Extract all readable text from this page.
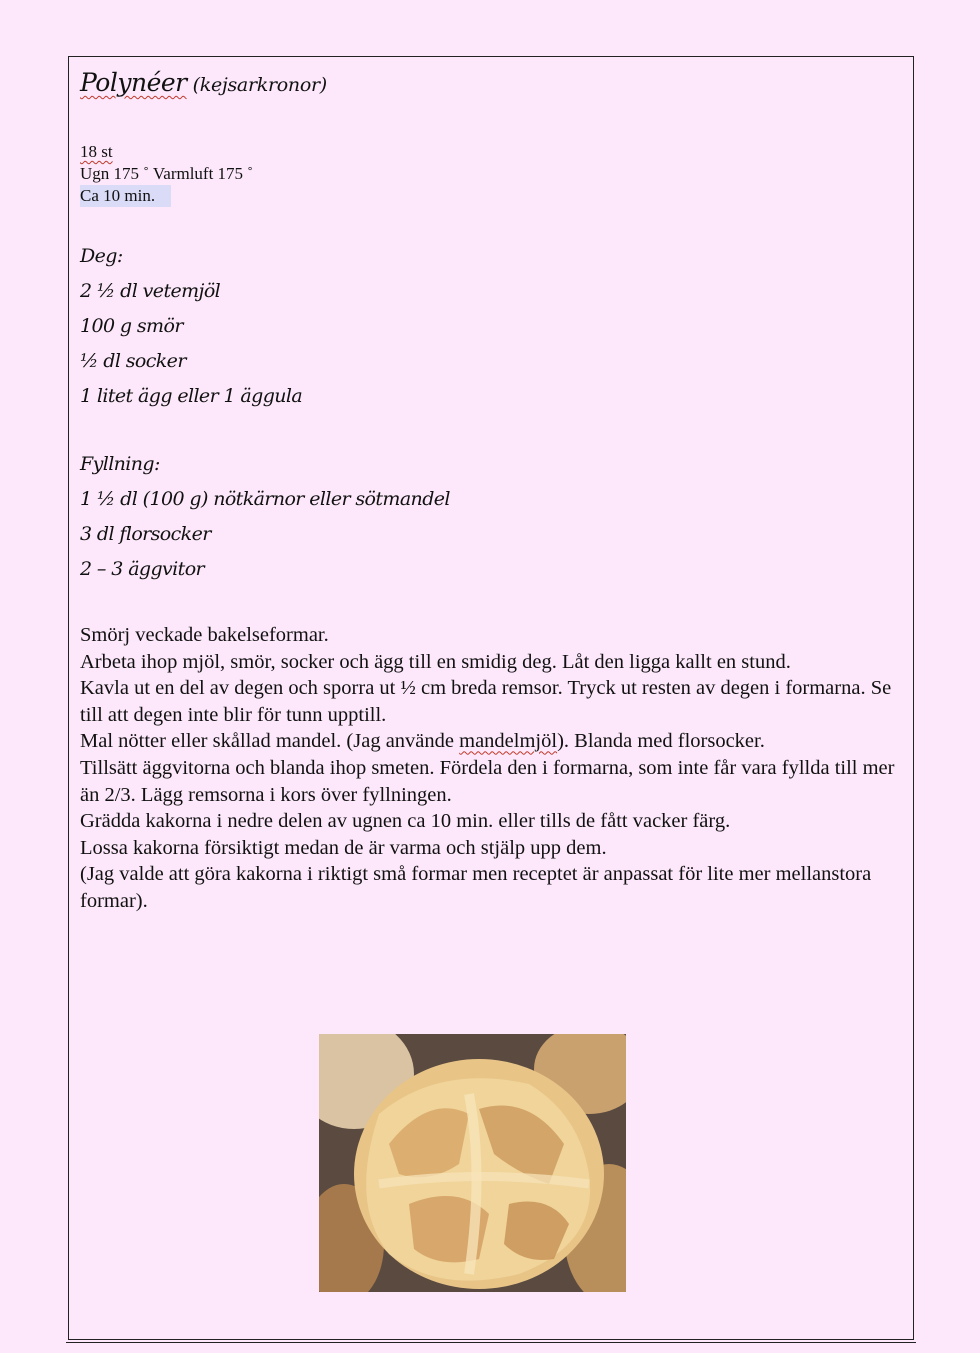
Polynéer (kejsarkronor)
18 st
Ugn 175 ˚ Varmluft 175 ˚
Ca 10 min.
Deg:
2 ½ dl vetemjöl
100 g smör
½ dl socker
1 litet ägg eller 1 äggula
Fyllning:
1 ½ dl (100 g) nötkärnor eller sötmandel
3 dl florsocker
2 – 3 äggvitor

Smörj veckade bakelseformar.

Arbeta ihop mjöl, smör, socker och ägg till en smidig deg. Låt den ligga kallt en stund.

Kavla ut en del av degen och sporra ut ½ cm breda remsor. Tryck ut resten av degen i formarna. Se till att degen inte blir för tunn upptill.

Mal nötter eller skållad mandel. (Jag använde mandelmjöl). Blanda med florsocker.

Tillsätt äggvitorna och blanda ihop smeten. Fördela den i formarna, som inte får vara fyllda till mer än 2/3. Lägg remsorna i kors över fyllningen.

Grädda kakorna i nedre delen av ugnen ca 10 min. eller tills de fått vacker färg.

Lossa kakorna försiktigt medan de är varma och stjälp upp dem.

(Jag valde att göra kakorna i riktigt små formar men receptet är anpassat för lite mer mellanstora formar).
